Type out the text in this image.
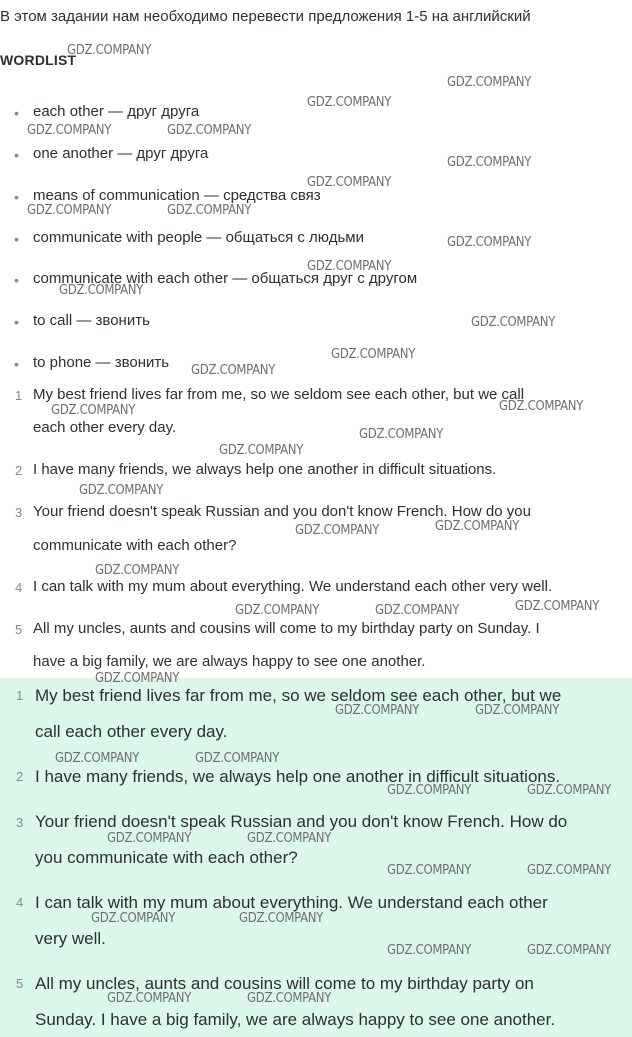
В этом задании нам необходимо перевести предложения 1-5 на английский
WORDLIST
• each other — друг друга
• one another — друг друга
• means of communication — средства связ
• communicate with people — общаться с людьми
• communicate with each other — общаться друг с другом
• to call — звонить
• to phone — звонить
1 My best friend lives far from me, so we seldom see each other, but we call
each other every day.
2 I have many friends, we always help one another in difficult situations.
3 Your friend doesn't speak Russian and you don't know French. How do you
communicate with each other?
4 I can talk with my mum about everything. We understand each other very well.
5 All my uncles, aunts and cousins will come to my birthday party on Sunday. I
have a big family, we are always happy to see one another.
1 My best friend lives far from me, so we seldom see each other, but we
call each other every day.
2 I have many friends, we always help one another in difficult situations.
3 Your friend doesn't speak Russian and you don't know French. How do
you communicate with each other?
4 I can talk with my mum about everything. We understand each other
very well.
5 All my uncles, aunts and cousins will come to my birthday party on
Sunday. I have a big family, we are always happy to see one another.
GDZ.COMPANY
GDZ.COMPANY
GDZ.COMPANY
GDZ.COMPANY	GDZ.COMPANY
GDZ.COMPANY
GDZ.COMPANY
GDZ.COMPANY	GDZ.COMPANY
GDZ.COMPANY
GDZ.COMPANY
GDZ.COMPANY
GDZ.COMPANY
GDZ.COMPANY
GDZ.COMPANY
GDZ.COMPANY
GDZ.COMPANY
GDZ.COMPANY
GDZ.COMPANY
GDZ.COMPANY
GDZ.COMPANY
GDZ.COMPANY
GDZ.COMPANY
GDZ.COMPANY
GDZ.COMPANY	GDZ.COMPANY
GDZ.COMPANY
GDZ.COMPANY	GDZ.COMPANY
GDZ.COMPANY	GDZ.COMPANY
GDZ.COMPANY	GDZ.COMPANY
GDZ.COMPANY	GDZ.COMPANY
GDZ.COMPANY	GDZ.COMPANY
GDZ.COMPANY	GDZ.COMPANY
GDZ.COMPANY	GDZ.COMPANY
GDZ.COMPANY	GDZ.COMPANY
